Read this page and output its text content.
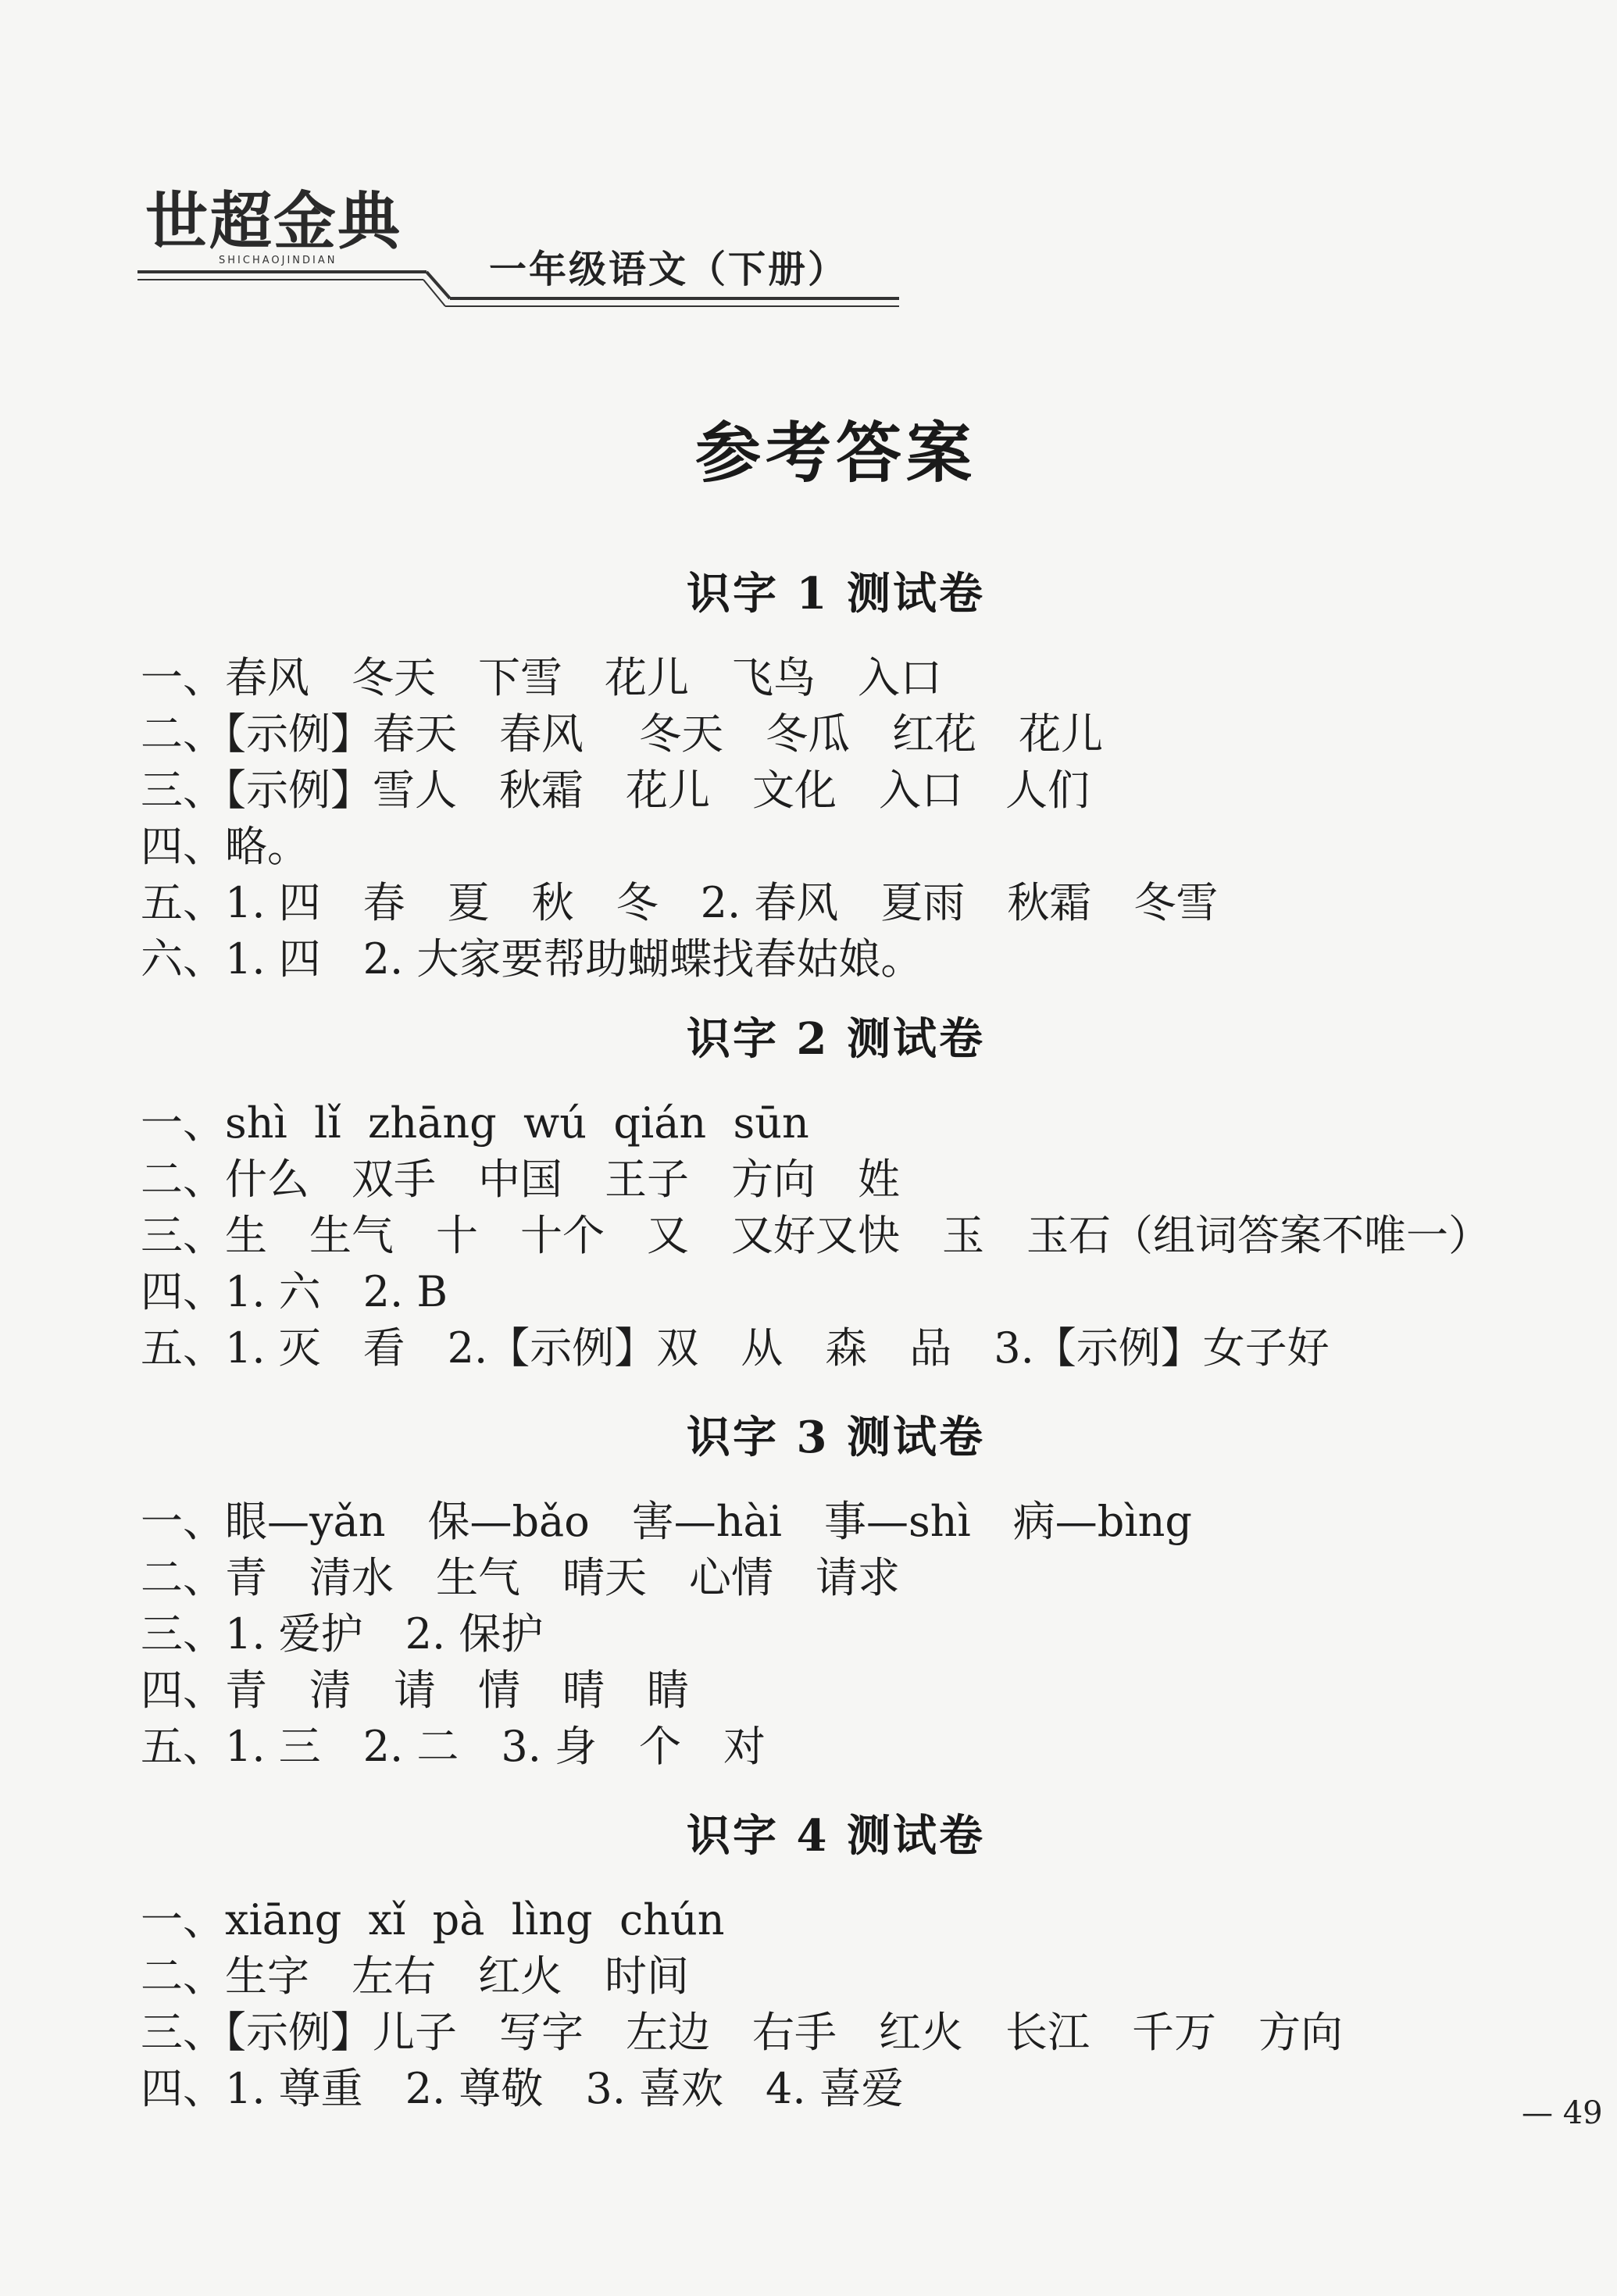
世超金典
SHICHAOJINDIAN	一年级语文（下册）
参考答案
识字 1 测试卷
一、春风　冬天　下雪　花儿　飞鸟　入口
二、【示例】春天　春风　 冬天　冬瓜　红花　花儿
三、【示例】雪人　秋霜　花儿　文化　入口　人们
四、略。
五、1. 四　春　夏　秋　冬　2. 春风　夏雨　秋霜　冬雪
六、1. 四　2. 大家要帮助蝴蝶找春姑娘。
识字 2 测试卷
一、shì  lǐ  zhāng  wú  qián  sūn
二、什么　双手　中国　王子　方向　姓
三、生　生气　十　十个　又　又好又快　玉　玉石（组词答案不唯一）
四、1. 六　2. B
五、1. 灭　看　2.【示例】双　从　森　品　3.【示例】女子好
识字 3 测试卷
一、眼—yǎn　保—bǎo　害—hài　事—shì　病—bìng
二、青　清水　生气　晴天　心情　请求
三、1. 爱护　2. 保护
四、青　清　请　情　晴　睛
五、1. 三　2. 二　3. 身　个　对
识字 4 测试卷
一、xiāng  xǐ  pà  lìng  chún
二、生字　左右　红火　时间
三、【示例】儿子　写字　左边　右手　红火　长江　千万　方向
四、1. 尊重　2. 尊敬　3. 喜欢　4. 喜爱	— 49
